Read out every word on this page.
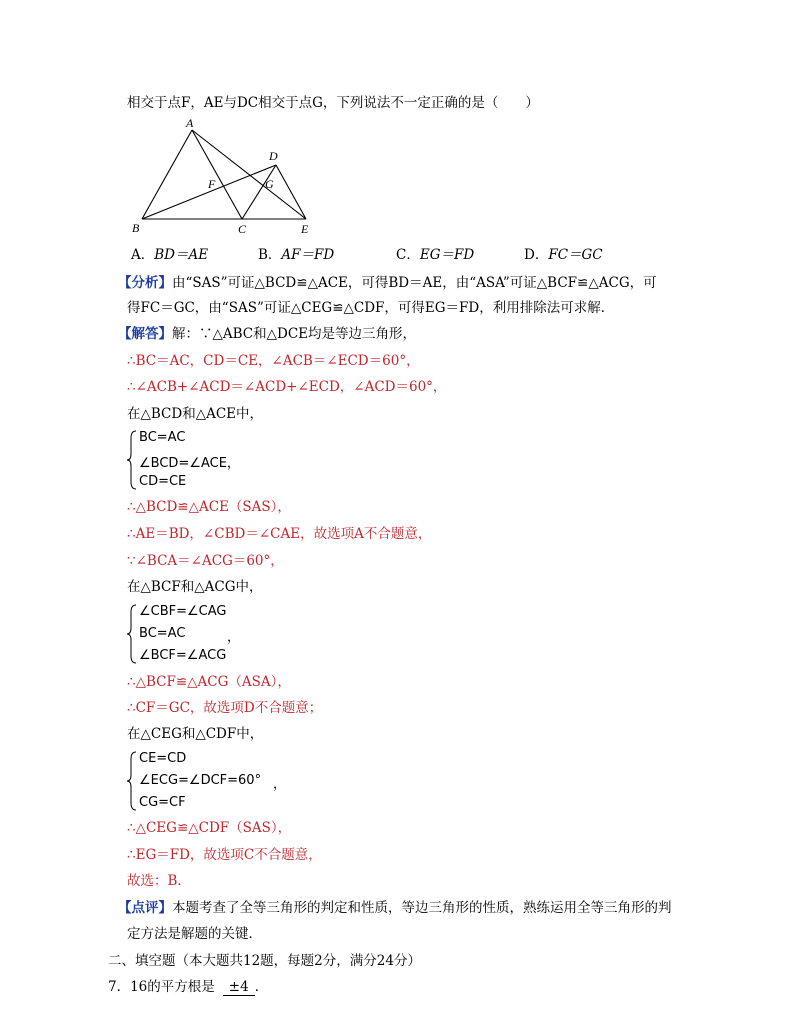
相交于点F，AE与DC相交于点G，下列说法不一定正确的是（　　）
A
B	C
D
E
F	G
A．BD＝AE	B．AF＝FD	C．EG＝FD	D．FC＝GC
【分析】由“SAS”可证△BCD≌△ACE，可得BD＝AE，由“ASA”可证△BCF≌△ACG，可
得FC＝GC，由“SAS”可证△CEG≌△CDF，可得EG＝FD，利用排除法可求解．
【解答】解：∵△ABC和△DCE均是等边三角形，
∴BC＝AC，CD＝CE，∠ACB＝∠ECD＝60°，
∴∠ACB+∠ACD＝∠ACD+∠ECD，∠ACD＝60°，
在△BCD和△ACE中，
BC=AC
∠BCD=∠ACE，
CD=CE
∴△BCD≌△ACE（SAS），
∴AE＝BD，∠CBD＝∠CAE，故选项A不合题意，
∵∠BCA＝∠ACG＝60°，
在△BCF和△ACG中，
∠CBF=∠CAG
BC=AC
∠BCF=∠ACG
，
∴△BCF≌△ACG（ASA），
∴CF＝GC，故选项D不合题意；
在△CEG和△CDF中，
CE=CD
∠ECG=∠DCF=60°
CG=CF
，
∴△CEG≌△CDF（SAS），
∴EG＝FD，故选项C不合题意，
故选：B．
【点评】本题考查了全等三角形的判定和性质，等边三角形的性质，熟练运用全等三角形的判
定方法是解题的关键．
二、填空题（本大题共12题，每题2分，满分24分）
7．16的平方根是 ±4 ．
